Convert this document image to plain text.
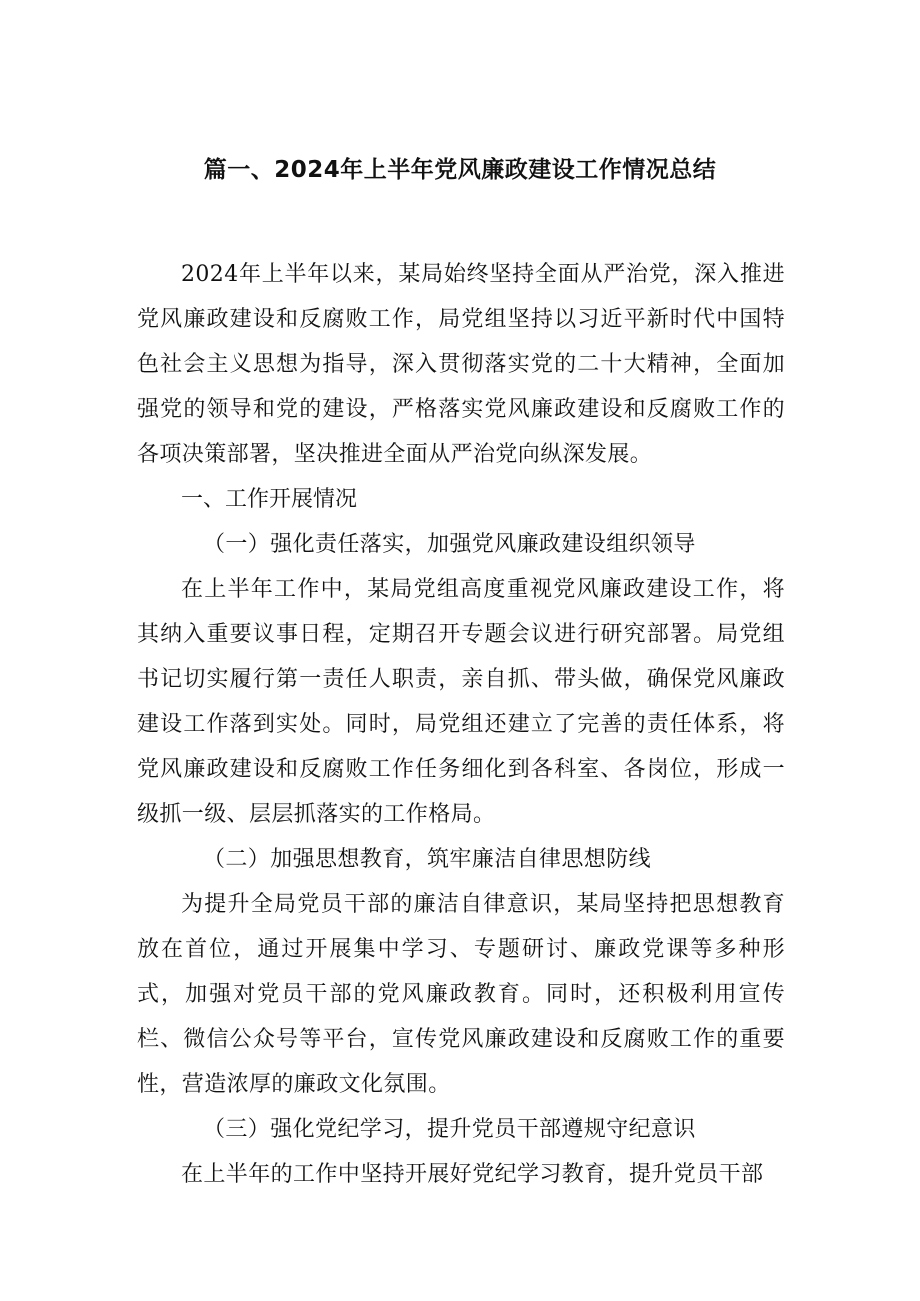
篇一、2024年上半年党风廉政建设工作情况总结

2024年上半年以来，某局始终坚持全面从严治党，深入推进党风廉政建设和反腐败工作，局党组坚持以习近平新时代中国特色社会主义思想为指导，深入贯彻落实党的二十大精神，全面加强党的领导和党的建设，严格落实党风廉政建设和反腐败工作的各项决策部署，坚决推进全面从严治党向纵深发展。

一、工作开展情况

（一）强化责任落实，加强党风廉政建设组织领导

在上半年工作中，某局党组高度重视党风廉政建设工作，将其纳入重要议事日程，定期召开专题会议进行研究部署。局党组书记切实履行第一责任人职责，亲自抓、带头做，确保党风廉政建设工作落到实处。同时，局党组还建立了完善的责任体系，将党风廉政建设和反腐败工作任务细化到各科室、各岗位，形成一级抓一级、层层抓落实的工作格局。

（二）加强思想教育，筑牢廉洁自律思想防线

为提升全局党员干部的廉洁自律意识，某局坚持把思想教育放在首位，通过开展集中学习、专题研讨、廉政党课等多种形式，加强对党员干部的党风廉政教育。同时，还积极利用宣传栏、微信公众号等平台，宣传党风廉政建设和反腐败工作的重要性，营造浓厚的廉政文化氛围。

（三）强化党纪学习，提升党员干部遵规守纪意识

在上半年的工作中坚持开展好党纪学习教育，提升党员干部
